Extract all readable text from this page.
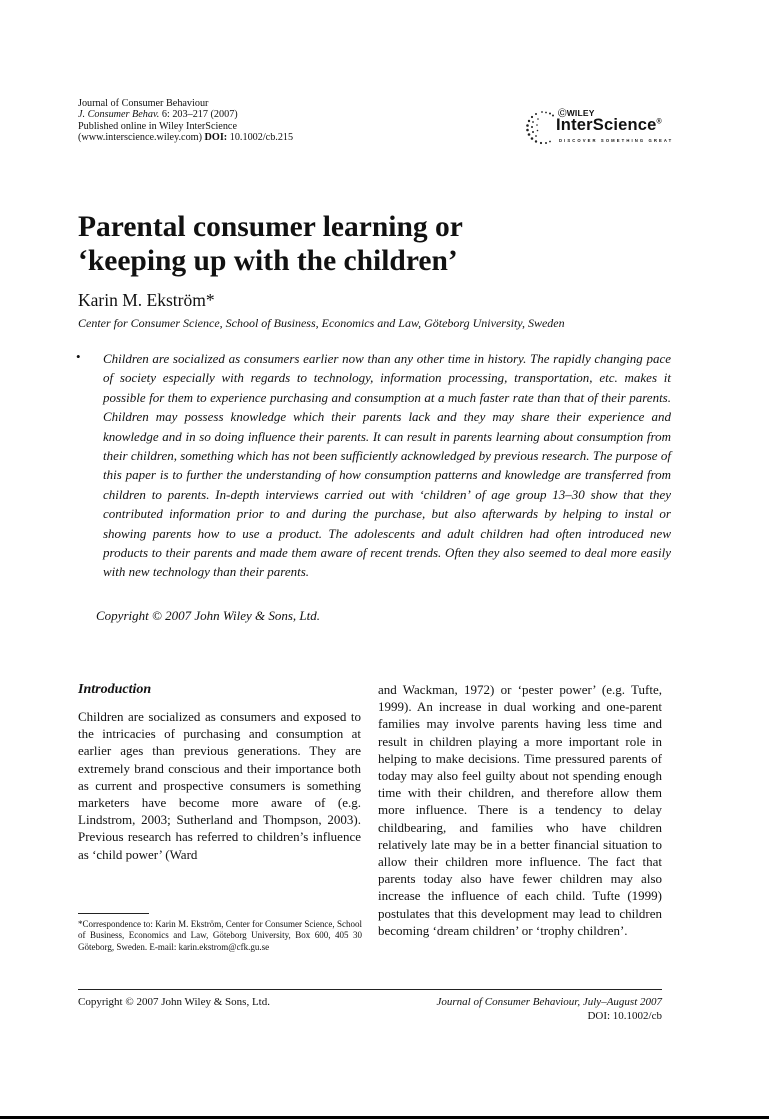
Journal of Consumer Behaviour
J. Consumer Behav. 6: 203–217 (2007)
Published online in Wiley InterScience
(www.interscience.wiley.com) DOI: 10.1002/cb.215
ⒸWILEY
InterScience®
DISCOVER SOMETHING GREAT
Parental consumer learning or
‘keeping up with the children’
Karin M. Ekström*
Center for Consumer Science, School of Business, Economics and Law, Göteborg University, Sweden
• Children are socialized as consumers earlier now than any other time in history. The rapidly changing pace of society especially with regards to technology, information processing, transportation, etc. makes it possible for them to experience purchasing and consumption at a much faster rate than that of their parents. Children may possess knowledge which their parents lack and they may share their experience and knowledge and in so doing influence their parents. It can result in parents learning about consumption from their children, something which has not been sufficiently acknowledged by previous research. The purpose of this paper is to further the understanding of how consumption patterns and knowledge are transferred from children to parents. In-depth interviews carried out with ‘children’ of age group 13–30 show that they contributed information prior to and during the purchase, but also afterwards by helping to instal or showing parents how to use a product. The adolescents and adult children had often introduced new products to their parents and made them aware of recent trends. Often they also seemed to deal more easily with new technology than their parents.
Copyright © 2007 John Wiley & Sons, Ltd.
Introduction
Children are socialized as consumers and exposed to the intricacies of purchasing and consumption at earlier ages than previous generations. They are extremely brand conscious and their importance both as current and prospective consumers is something marketers have become more aware of (e.g. Lindstrom, 2003; Sutherland and Thompson, 2003). Previous research has referred to children’s influence as ‘child power’ (Ward
and Wackman, 1972) or ‘pester power’ (e.g. Tufte, 1999). An increase in dual working and one-parent families may involve parents having less time and result in children playing a more important role in helping to make decisions. Time pressured parents of today may also feel guilty about not spending enough time with their children, and therefore allow them more influence. There is a tendency to delay childbearing, and families who have children relatively late may be in a better financial situation to allow their children more influence. The fact that parents today also have fewer children may also increase the influence of each child. Tufte (1999) postulates that this development may lead to children becoming ‘dream children’ or ‘trophy children’.
*Correspondence to: Karin M. Ekström, Center for Consumer Science, School of Business, Economics and Law, Göteborg University, Box 600, 405 30 Göteborg, Sweden. E-mail: karin.ekstrom@cfk.gu.se
Copyright © 2007 John Wiley & Sons, Ltd.	Journal of Consumer Behaviour, July–August 2007
DOI: 10.1002/cb
